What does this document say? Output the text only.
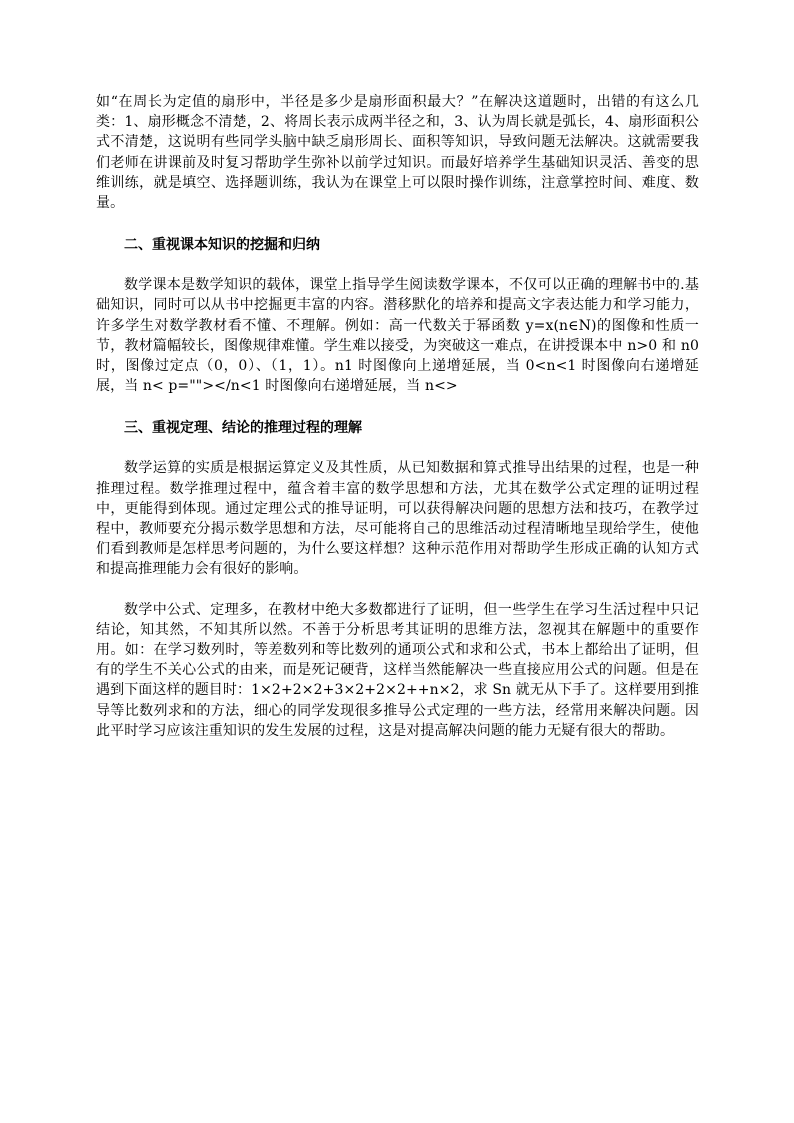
如“在周长为定值的扇形中，半径是多少是扇形面积最大？”在解决这道题时，出错的有这么几类：1、扇形概念不清楚，2、将周长表示成两半径之和，3、认为周长就是弧长，4、扇形面积公式不清楚，这说明有些同学头脑中缺乏扇形周长、面积等知识，导致问题无法解决。这就需要我们老师在讲课前及时复习帮助学生弥补以前学过知识。而最好培养学生基础知识灵活、善变的思维训练，就是填空、选择题训练，我认为在课堂上可以限时操作训练，注意掌控时间、难度、数量。

二、重视课本知识的挖掘和归纳

数学课本是数学知识的载体，课堂上指导学生阅读数学课本，不仅可以正确的理解书中的.基础知识，同时可以从书中挖掘更丰富的内容。潜移默化的培养和提高文字表达能力和学习能力，许多学生对数学教材看不懂、不理解。例如：高一代数关于幂函数 y=x(n∈N)的图像和性质一节，教材篇幅较长，图像规律难懂。学生难以接受，为突破这一难点，在讲授课本中 n>0 和 n0 时，图像过定点（0，0）、（1，1）。n1 时图像向上递增延展，当 0<n<1 时图像向右递增延展，当 n< p=""></n<1 时图像向右递增延展，当 n<>

三、重视定理、结论的推理过程的理解

数学运算的实质是根据运算定义及其性质，从已知数据和算式推导出结果的过程，也是一种推理过程。数学推理过程中，蕴含着丰富的数学思想和方法，尤其在数学公式定理的证明过程中，更能得到体现。通过定理公式的推导证明，可以获得解决问题的思想方法和技巧，在教学过程中，教师要充分揭示数学思想和方法，尽可能将自己的思维活动过程清晰地呈现给学生，使他们看到教师是怎样思考问题的，为什么要这样想？这种示范作用对帮助学生形成正确的认知方式和提高推理能力会有很好的影响。

数学中公式、定理多，在教材中绝大多数都进行了证明，但一些学生在学习生活过程中只记结论，知其然，不知其所以然。不善于分析思考其证明的思维方法，忽视其在解题中的重要作用。如：在学习数列时，等差数列和等比数列的通项公式和求和公式，书本上都给出了证明，但有的学生不关心公式的由来，而是死记硬背，这样当然能解决一些直接应用公式的问题。但是在遇到下面这样的题目时：1×2+2×2+3×2+2×2++n×2，求 Sn 就无从下手了。这样要用到推导等比数列求和的方法，细心的同学发现很多推导公式定理的一些方法，经常用来解决问题。因此平时学习应该注重知识的发生发展的过程，这是对提高解决问题的能力无疑有很大的帮助。
